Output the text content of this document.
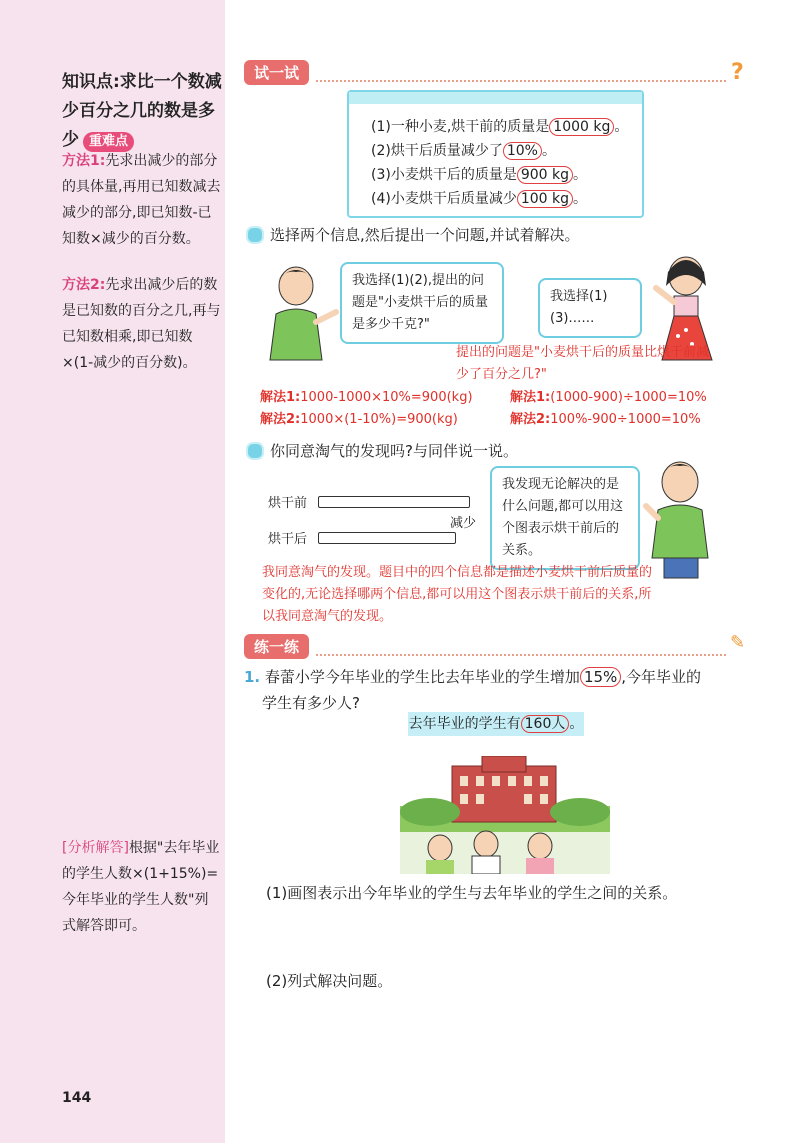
知识点:求比一个数减少百分之几的数是多少 重难点
方法1:先求出减少的部分的具体量,再用已知数减去减少的部分,即已知数-已知数×减少的百分数。
方法2:先求出减少后的数是已知数的百分之几,再与已知数相乘,即已知数×(1-减少的百分数)。
[分析解答]根据"去年毕业的学生人数×(1+15%)=今年毕业的学生人数"列式解答即可。
144
试一试	?
(1)一种小麦,烘干前的质量是 1000 kg 。
(2)烘干后质量减少了 10% 。
(3)小麦烘干后的质量是 900 kg 。
(4)小麦烘干后质量减少 100 kg 。
选择两个信息,然后提出一个问题,并试着解决。
我选择(1)(2),提出的问题是"小麦烘干后的质量是多少千克?"
我选择(1)
(3)……
提出的问题是"小麦烘干后的质量比烘干前减少了百分之几?"
解法1:1000-1000×10%=900(kg)
解法2:1000×(1-10%)=900(kg)
解法1:(1000-900)÷1000=10%
解法2:100%-900÷1000=10%
你同意淘气的发现吗?与同伴说一说。
烘干前
烘干后
减少
我发现无论解决的是什么问题,都可以用这个图表示烘干前后的关系。
我同意淘气的发现。题目中的四个信息都是描述小麦烘干前后质量的变化的,无论选择哪两个信息,都可以用这个图表示烘干前后的关系,所以我同意淘气的发现。
练一练	✎
1. 春蕾小学今年毕业的学生比去年毕业的学生增加 15% ,今年毕业的
学生有多少人?
去年毕业的学生有 160人 。
(1)画图表示出今年毕业的学生与去年毕业的学生之间的关系。
(2)列式解决问题。
